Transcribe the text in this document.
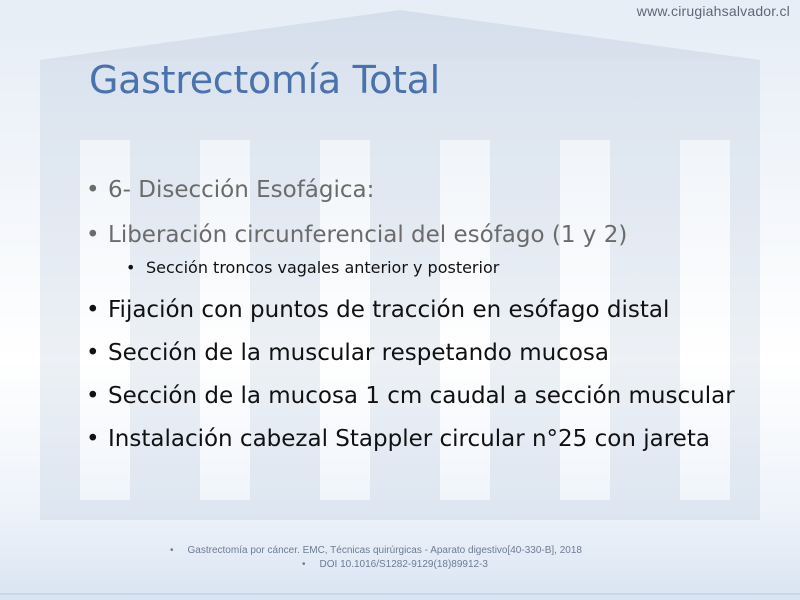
www.cirugiahsalvador.cl
Gastrectomía Total
• 6- Disección Esofágica:
• Liberación circunferencial del esófago (1 y 2)
• Sección troncos vagales anterior y posterior
• Fijación con puntos de tracción en esófago distal
• Sección de la muscular respetando mucosa
• Sección de la mucosa 1 cm caudal a sección muscular
• Instalación cabezal Stappler circular n°25 con jareta
• Gastrectomía por cáncer. EMC, Técnicas quirúrgicas - Aparato digestivo[40-330-B], 2018
• DOI 10.1016/S1282-9129(18)89912-3
